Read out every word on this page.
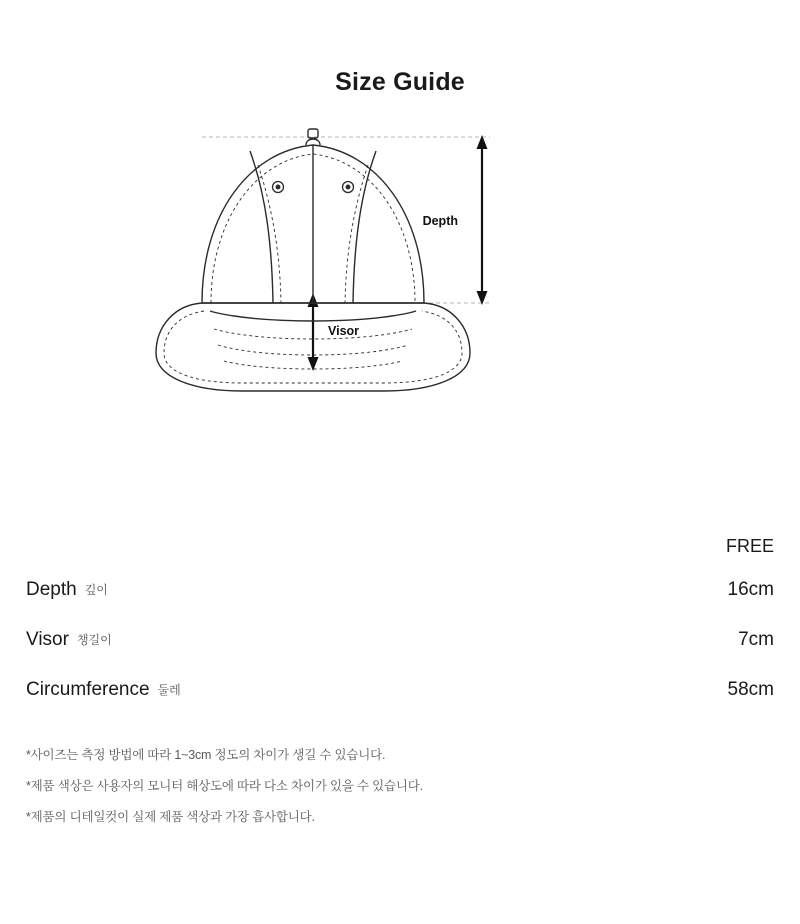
Size Guide
Depth
Visor
	FREE
Depth 깊이	16cm
Visor 챙길이	7cm
Circumference 둘레	58cm

*사이즈는 측정 방법에 따라 1~3cm 정도의 차이가 생길 수 있습니다.

*제품 색상은 사용자의 모니터 해상도에 따라 다소 차이가 있을 수 있습니다.

*제품의 디테일컷이 실제 제품 색상과 가장 흡사합니다.
